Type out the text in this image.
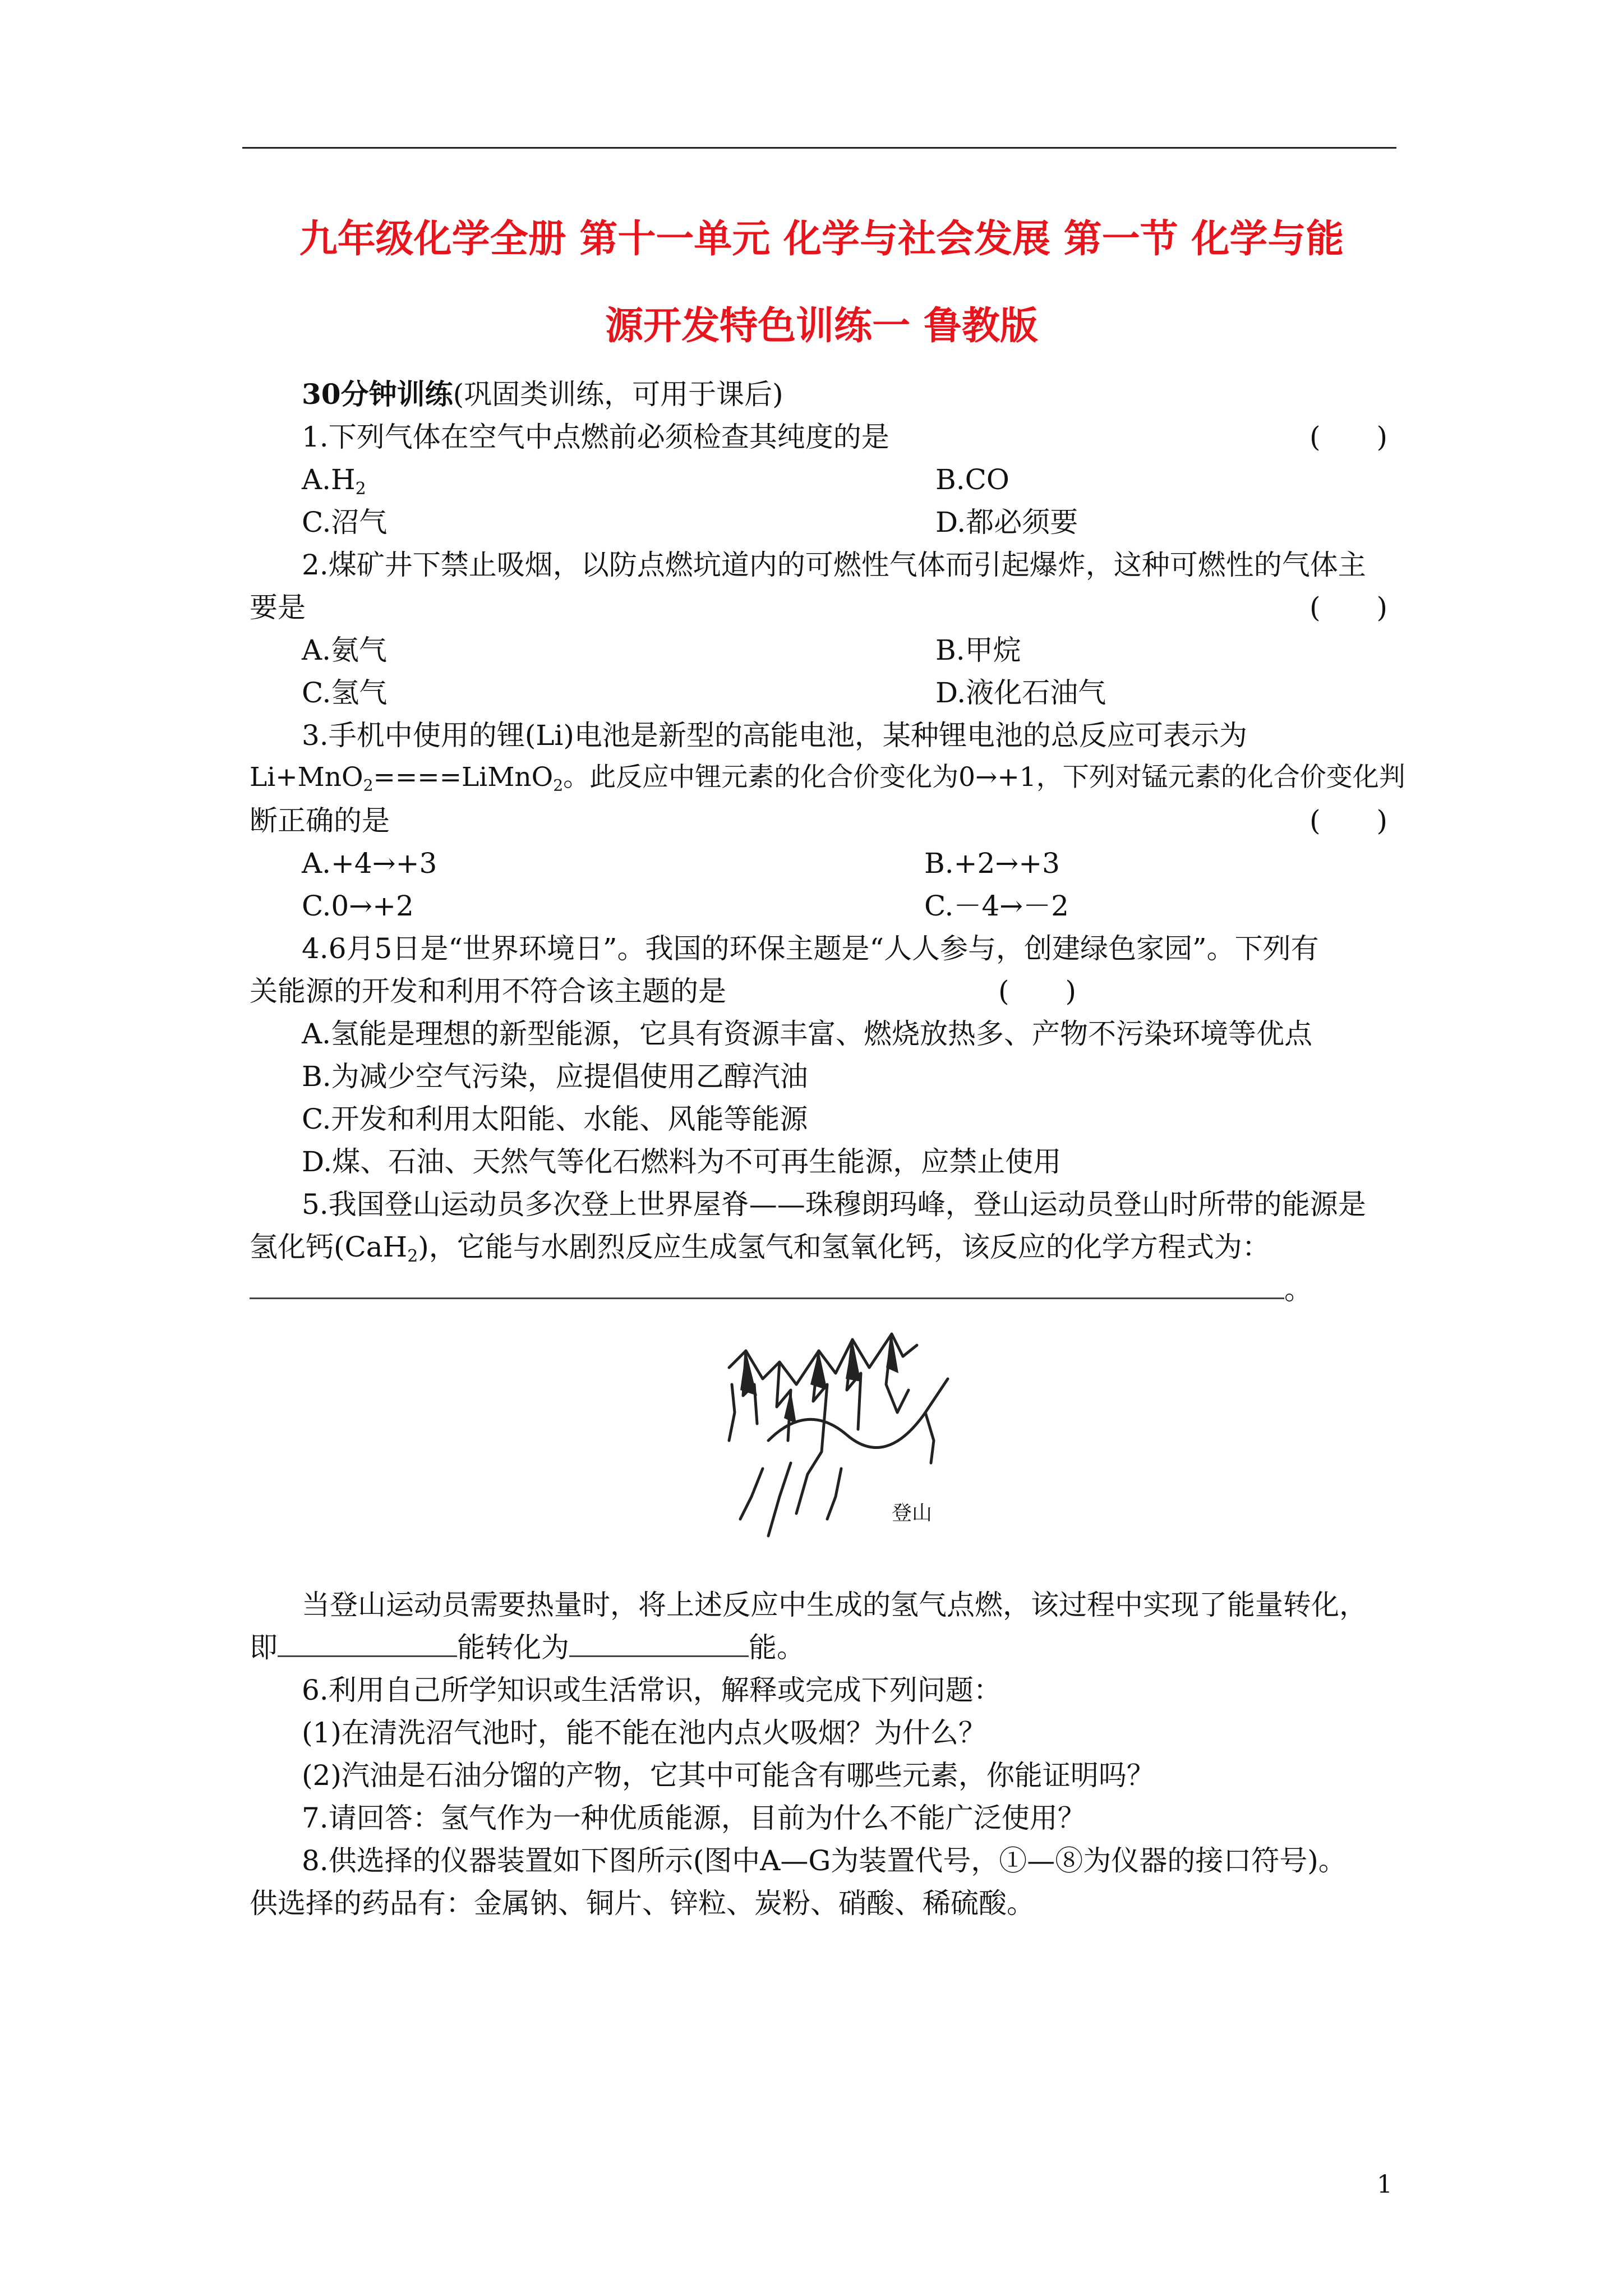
九年级化学全册 第十一单元 化学与社会发展 第一节 化学与能
源开发特色训练一 鲁教版
30分钟训练(巩固类训练，可用于课后)
1.下列气体在空气中点燃前必须检查其纯度的是	(　　)
$A.H_2$	B.CO
C.沼气	D.都必须要
2.煤矿井下禁止吸烟，以防点燃坑道内的可燃性气体而引起爆炸，这种可燃性的气体主
要是	(　　)
A.氨气	B.甲烷
C.氢气	D.液化石油气
3.手机中使用的锂(Li)电池是新型的高能电池，某种锂电池的总反应可表示为
Li+MnO$_2$====LiMnO$_2$。此反应中锂元素的化合价变化为0→+1，下列对锰元素的化合价变化判
断正确的是	(　　)
A.+4→+3	B.+2→+3
C.0→+2	C.－4→－2
4.6月5日是“世界环境日”。我国的环保主题是“人人参与，创建绿色家园”。下列有
关能源的开发和利用不符合该主题的是	(　　)
A.氢能是理想的新型能源，它具有资源丰富、燃烧放热多、产物不污染环境等优点
B.为减少空气污染，应提倡使用乙醇汽油
C.开发和利用太阳能、水能、风能等能源
D.煤、石油、天然气等化石燃料为不可再生能源，应禁止使用
5.我国登山运动员多次登上世界屋脊——珠穆朗玛峰，登山运动员登山时所带的能源是
氢化钙(CaH$_2$)，它能与水剧烈反应生成氢气和氢氧化钙，该反应的化学方程式为：
。
登山
当登山运动员需要热量时，将上述反应中生成的氢气点燃，该过程中实现了能量转化，
即	能转化为	能。
6.利用自己所学知识或生活常识，解释或完成下列问题：
(1)在清洗沼气池时，能不能在池内点火吸烟？为什么？
(2)汽油是石油分馏的产物，它其中可能含有哪些元素，你能证明吗？
7.请回答：氢气作为一种优质能源，目前为什么不能广泛使用？
8.供选择的仪器装置如下图所示(图中A—G为装置代号，①—⑧为仪器的接口符号)。
供选择的药品有：金属钠、铜片、锌粒、炭粉、硝酸、稀硫酸。
1
